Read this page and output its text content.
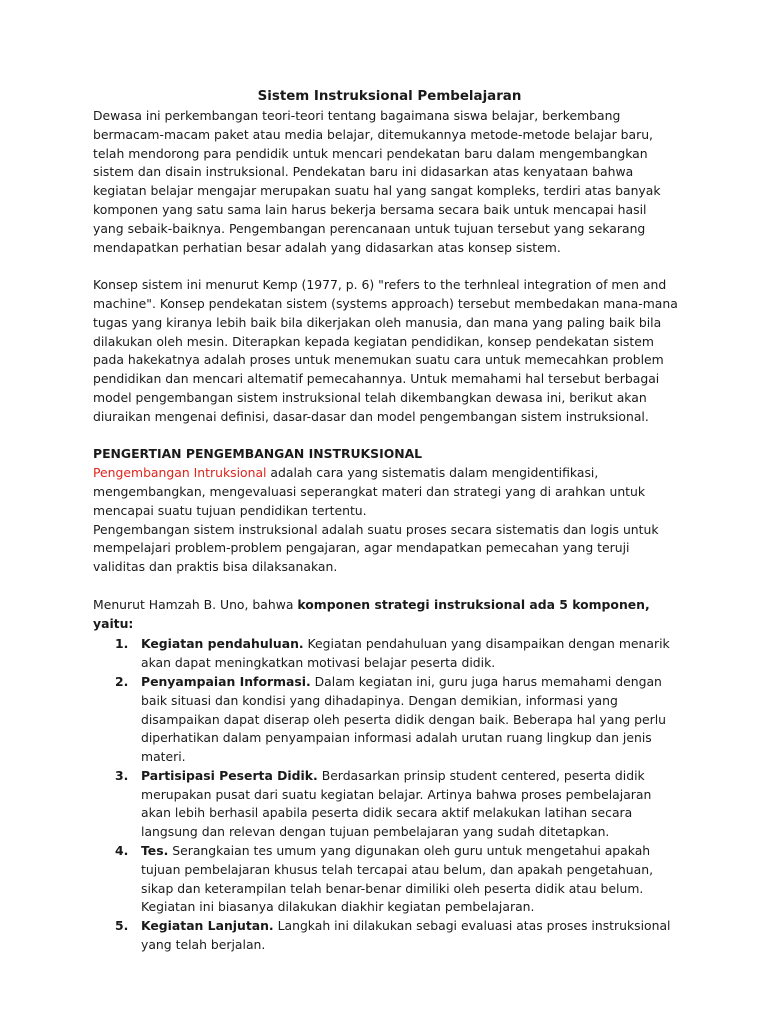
Sistem Instruksional Pembelajaran

Dewasa ini perkembangan teori-teori tentang bagaimana siswa belajar, berkembang bermacam-macam paket atau media belajar, ditemukannya metode-metode belajar baru, telah mendorong para pendidik untuk mencari pendekatan baru dalam mengembangkan sistem dan disain instruksional. Pendekatan baru ini didasarkan atas kenyataan bahwa kegiatan belajar mengajar merupakan suatu hal yang sangat kompleks, terdiri atas banyak komponen yang satu sama lain harus bekerja bersama secara baik untuk mencapai hasil yang sebaik-baiknya. Pengembangan perencanaan untuk tujuan tersebut yang sekarang mendapatkan perhatian besar adalah yang didasarkan atas konsep sistem.

Konsep sistem ini menurut Kemp (1977, p. 6) "refers to the terhnleal integration of men and machine". Konsep pendekatan sistem (systems approach) tersebut membedakan mana-mana tugas yang kiranya lebih baik bila dikerjakan oleh manusia, dan mana yang paling baik bila dilakukan oleh mesin. Diterapkan kepada kegiatan pendidikan, konsep pendekatan sistem pada hakekatnya adalah proses untuk menemukan suatu cara untuk memecahkan problem pendidikan dan mencari altematif pemecahannya. Untuk memahami hal tersebut berbagai model pengembangan sistem instruksional telah dikembangkan dewasa ini, berikut akan diuraikan mengenai definisi, dasar-dasar dan model pengembangan sistem instruksional.

PENGERTIAN PENGEMBANGAN INSTRUKSIONAL

Pengembangan Intruksional adalah cara yang sistematis dalam mengidentifikasi, mengembangkan, mengevaluasi seperangkat materi dan strategi yang di arahkan untuk mencapai suatu tujuan pendidikan tertentu.

Pengembangan sistem instruksional adalah suatu proses secara sistematis dan logis untuk mempelajari problem-problem pengajaran, agar mendapatkan pemecahan yang teruji validitas dan praktis bisa dilaksanakan.

Menurut Hamzah B. Uno, bahwa komponen strategi instruksional ada 5 komponen, yaitu:

Kegiatan pendahuluan. Kegiatan pendahuluan yang disampaikan dengan menarik akan dapat meningkatkan motivasi belajar peserta didik.
Penyampaian Informasi. Dalam kegiatan ini, guru juga harus memahami dengan baik situasi dan kondisi yang dihadapinya. Dengan demikian, informasi yang disampaikan dapat diserap oleh peserta didik dengan baik. Beberapa hal yang perlu diperhatikan dalam penyampaian informasi adalah urutan ruang lingkup dan jenis materi.
Partisipasi Peserta Didik. Berdasarkan prinsip student centered, peserta didik merupakan pusat dari suatu kegiatan belajar. Artinya bahwa proses pembelajaran akan lebih berhasil apabila peserta didik secara aktif melakukan latihan secara langsung dan relevan dengan tujuan pembelajaran yang sudah ditetapkan.
Tes. Serangkaian tes umum yang digunakan oleh guru untuk mengetahui apakah tujuan pembelajaran khusus telah tercapai atau belum, dan apakah pengetahuan, sikap dan keterampilan telah benar-benar dimiliki oleh peserta didik atau belum. Kegiatan ini biasanya dilakukan diakhir kegiatan pembelajaran.
Kegiatan Lanjutan. Langkah ini dilakukan sebagi evaluasi atas proses instruksional yang telah berjalan.
